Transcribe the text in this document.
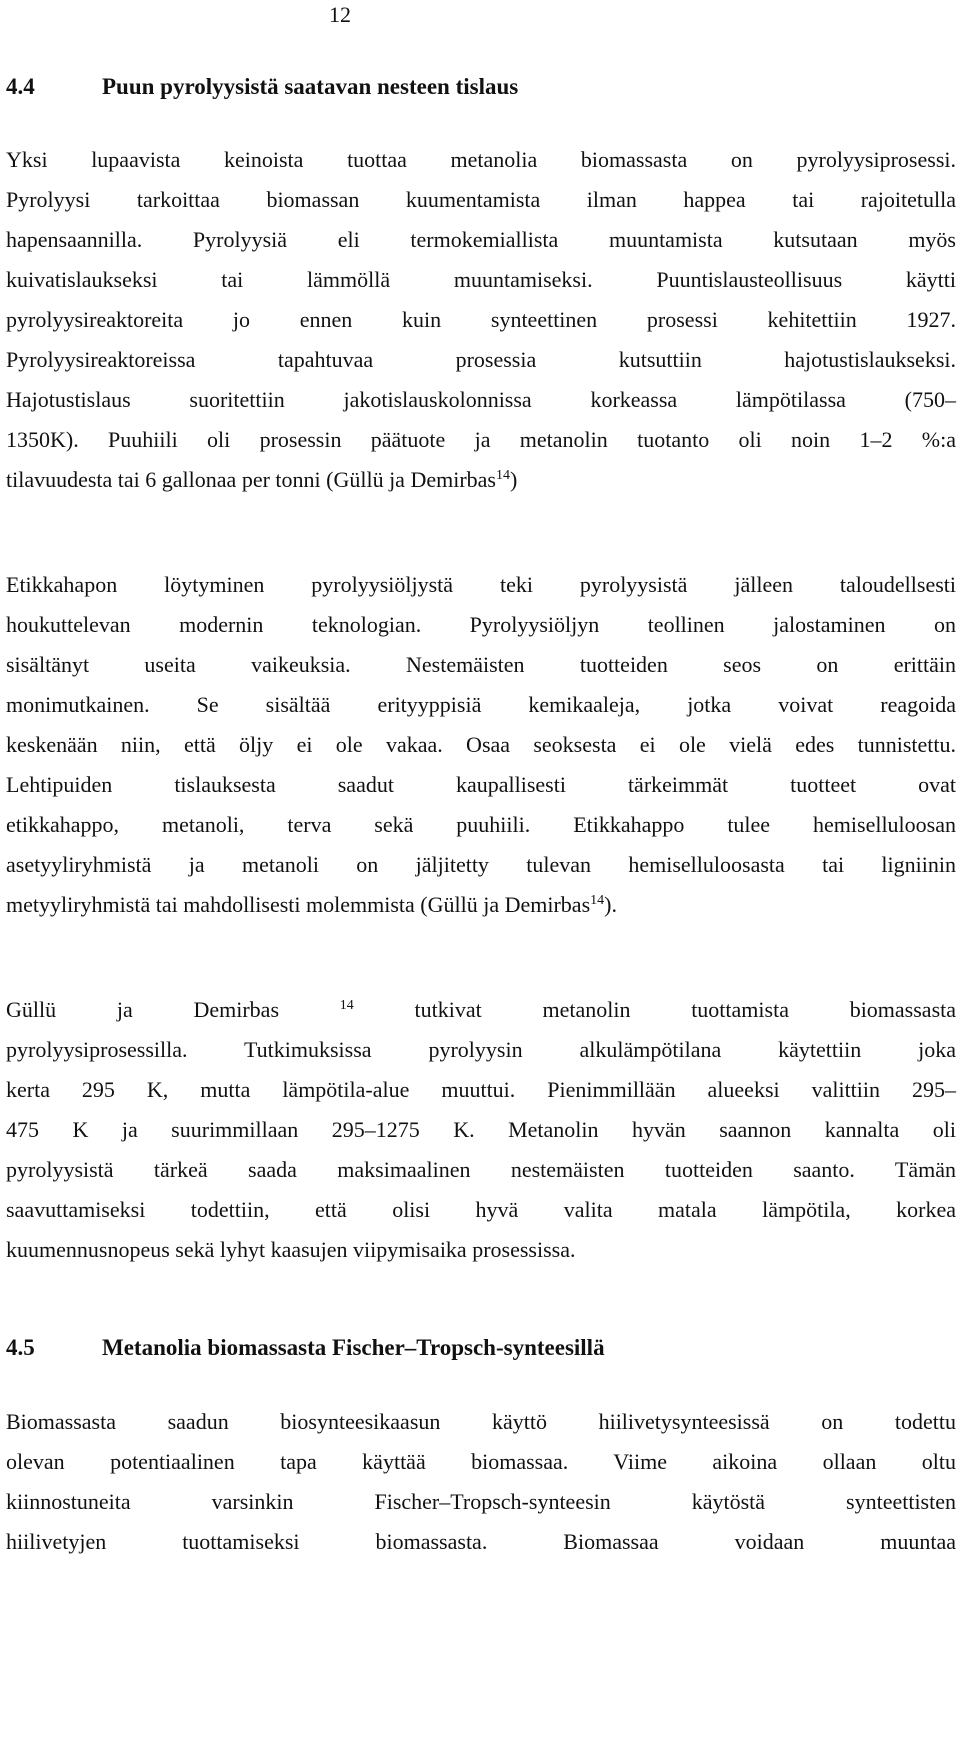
12
4.4	Puun pyrolyysistä saatavan nesteen tislaus
Yksi lupaavista keinoista tuottaa metanolia biomassasta on pyrolyysiprosessi.
Pyrolyysi tarkoittaa biomassan kuumentamista ilman happea tai rajoitetulla
hapensaannilla. Pyrolyysiä eli termokemiallista muuntamista kutsutaan myös
kuivatislaukseksi tai lämmöllä muuntamiseksi. Puuntislausteollisuus käytti
pyrolyysireaktoreita jo ennen kuin synteettinen prosessi kehitettiin 1927.
Pyrolyysireaktoreissa tapahtuvaa prosessia kutsuttiin hajotustislaukseksi.
Hajotustislaus suoritettiin jakotislauskolonnissa korkeassa lämpötilassa (750–
1350K). Puuhiili oli prosessin päätuote ja metanolin tuotanto oli noin 1–2 %:a
tilavuudesta tai 6 gallonaa per tonni (Güllü ja Demirbas$^{14}$)
Etikkahapon löytyminen pyrolyysiöljystä teki pyrolyysistä jälleen taloudellsesti
houkuttelevan modernin teknologian. Pyrolyysiöljyn teollinen jalostaminen on
sisältänyt useita vaikeuksia. Nestemäisten tuotteiden seos on erittäin
monimutkainen. Se sisältää erityyppisiä kemikaaleja, jotka voivat reagoida
keskenään niin, että öljy ei ole vakaa. Osaa seoksesta ei ole vielä edes tunnistettu.
Lehtipuiden tislauksesta saadut kaupallisesti tärkeimmät tuotteet ovat
etikkahappo, metanoli, terva sekä puuhiili. Etikkahappo tulee hemiselluloosan
asetyyliryhmistä ja metanoli on jäljitetty tulevan hemiselluloosasta tai ligniinin
metyyliryhmistä tai mahdollisesti molemmista (Güllü ja Demirbas$^{14}$).
Güllü ja Demirbas	$^{14}$	tutkivat metanolin tuottamista biomassasta
pyrolyysiprosessilla. Tutkimuksissa pyrolyysin alkulämpötilana käytettiin joka
kerta 295 K, mutta lämpötila-alue muuttui. Pienimmillään alueeksi valittiin 295–
475 K ja suurimmillaan 295–1275 K. Metanolin hyvän saannon kannalta oli
pyrolyysistä tärkeä saada maksimaalinen nestemäisten tuotteiden saanto. Tämän
saavuttamiseksi todettiin, että olisi hyvä valita matala lämpötila, korkea
kuumennusnopeus sekä lyhyt kaasujen viipymisaika prosessissa.
4.5	Metanolia biomassasta Fischer–Tropsch-synteesillä
Biomassasta saadun biosynteesikaasun käyttö hiilivetysynteesissä on todettu
olevan potentiaalinen tapa käyttää biomassaa. Viime aikoina ollaan oltu
kiinnostuneita varsinkin Fischer–Tropsch-synteesin käytöstä synteettisten
hiilivetyjen tuottamiseksi biomassasta. Biomassaa voidaan muuntaa
